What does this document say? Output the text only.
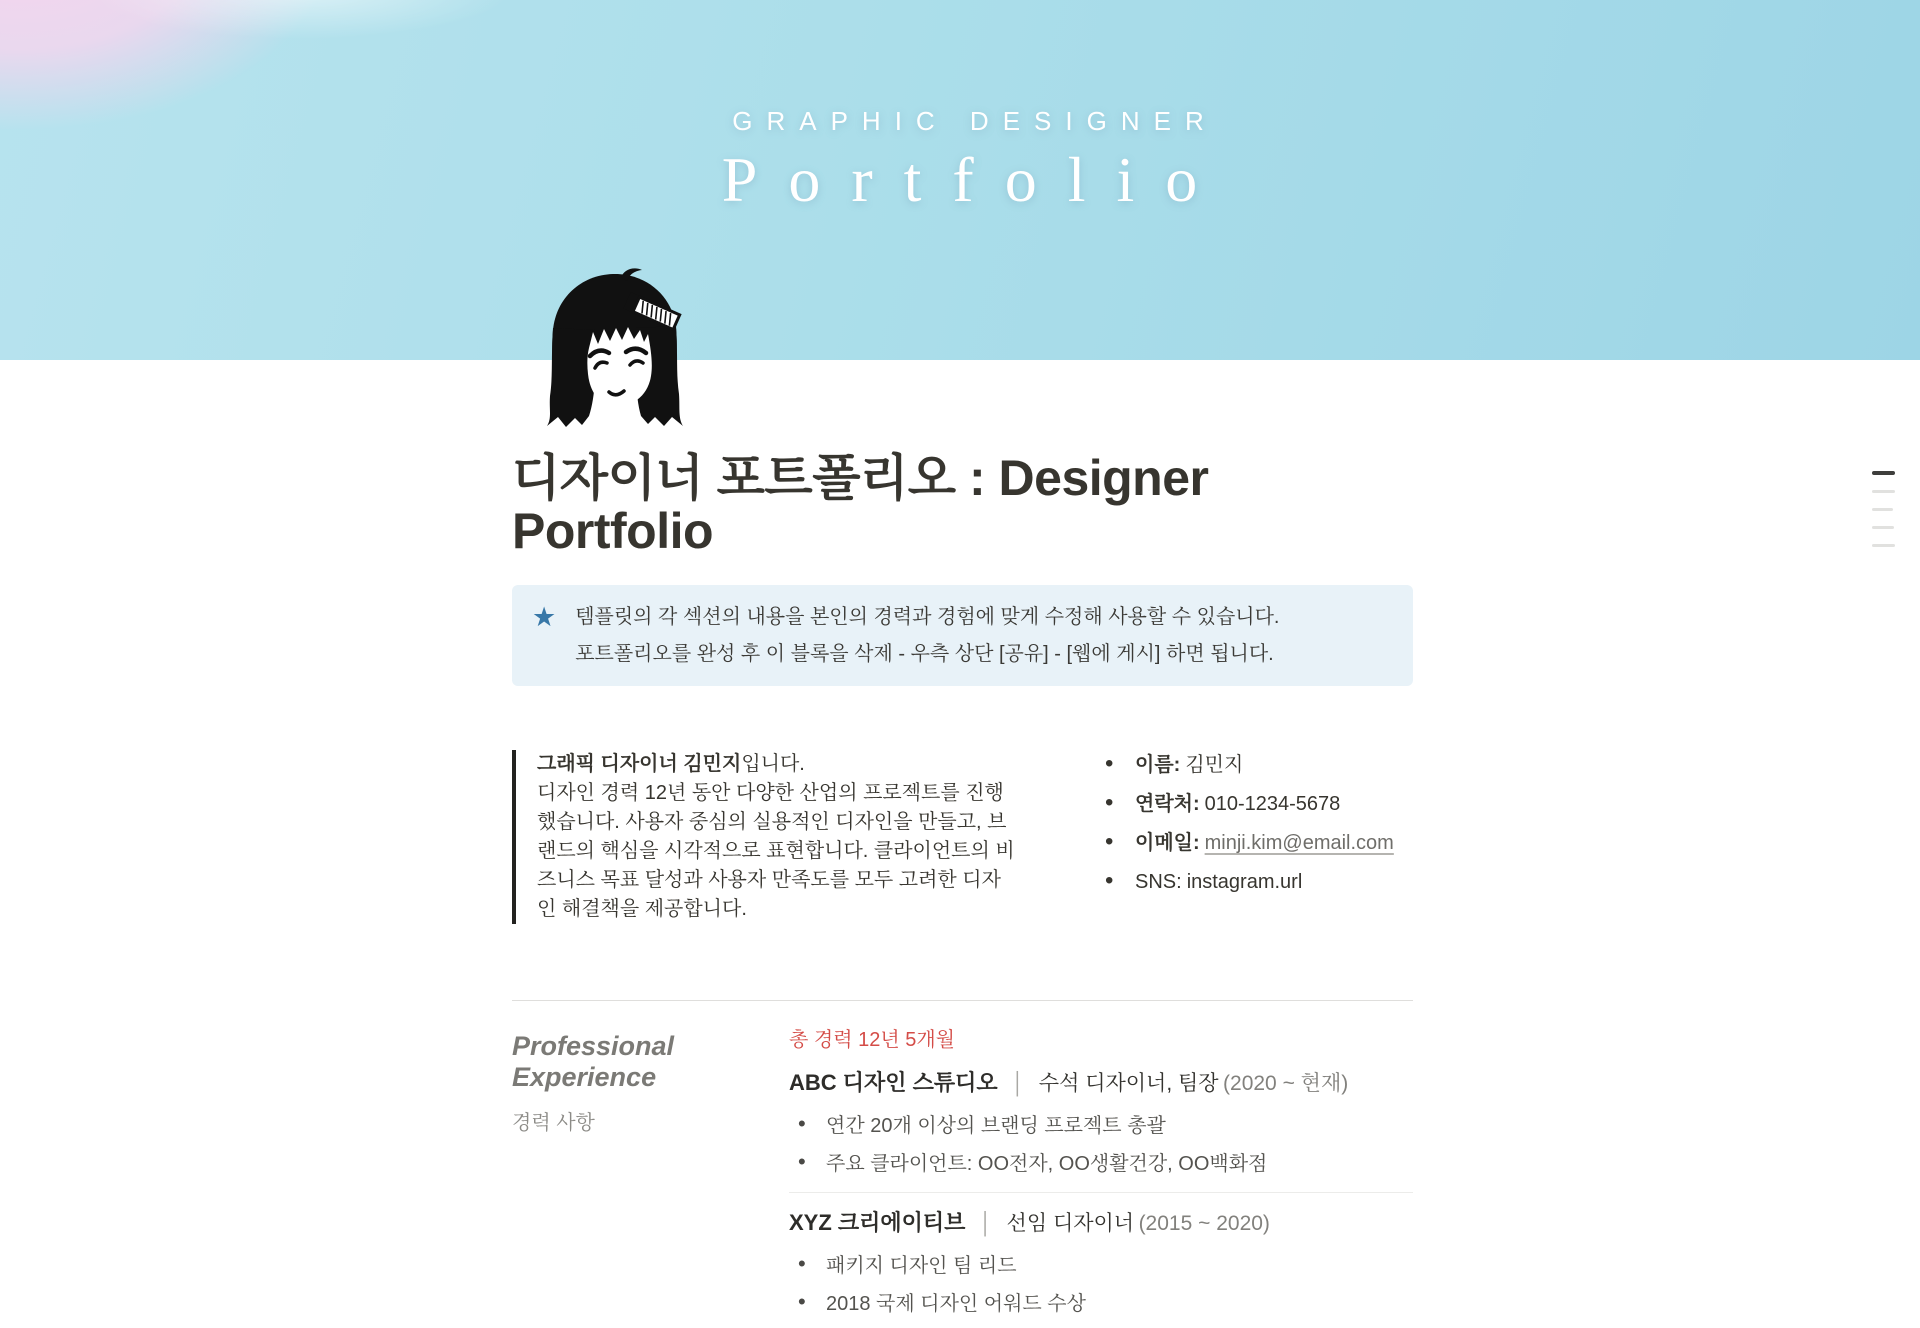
GRAPHIC DESIGNER
Portfolio
디자이너 포트폴리오 : Designer Portfolio
★ 템플릿의 각 섹션의 내용을 본인의 경력과 경험에 맞게 수정해 사용할 수 있습니다.

포트폴리오를 완성 후 이 블록을 삭제 - 우측 상단 [공유] - [웹에 게시] 하면 됩니다.

그래픽 디자이너 김민지입니다.

디자인 경력 12년 동안 다양한 산업의 프로젝트를 진행했습니다. 사용자 중심의 실용적인 디자인을 만들고, 브랜드의 핵심을 시각적으로 표현합니다. 클라이언트의 비즈니스 목표 달성과 사용자 만족도를 모두 고려한 디자인 해결책을 제공합니다.

• 이름: 김민지
• 연락처: 010-1234-5678
• 이메일: minji.kim@email.com
• SNS: instagram.url
Professional Experience
경력 사항
총 경력 12년 5개월
ABC 디자인 스튜디오 │ 수석 디자이너, 팀장 (2020 ~ 현재)
• 연간 20개 이상의 브랜딩 프로젝트 총괄
• 주요 클라이언트: OO전자, OO생활건강, OO백화점
XYZ 크리에이티브 │ 선임 디자이너 (2015 ~ 2020)
• 패키지 디자인 팀 리드
• 2018 국제 디자인 어워드 수상
